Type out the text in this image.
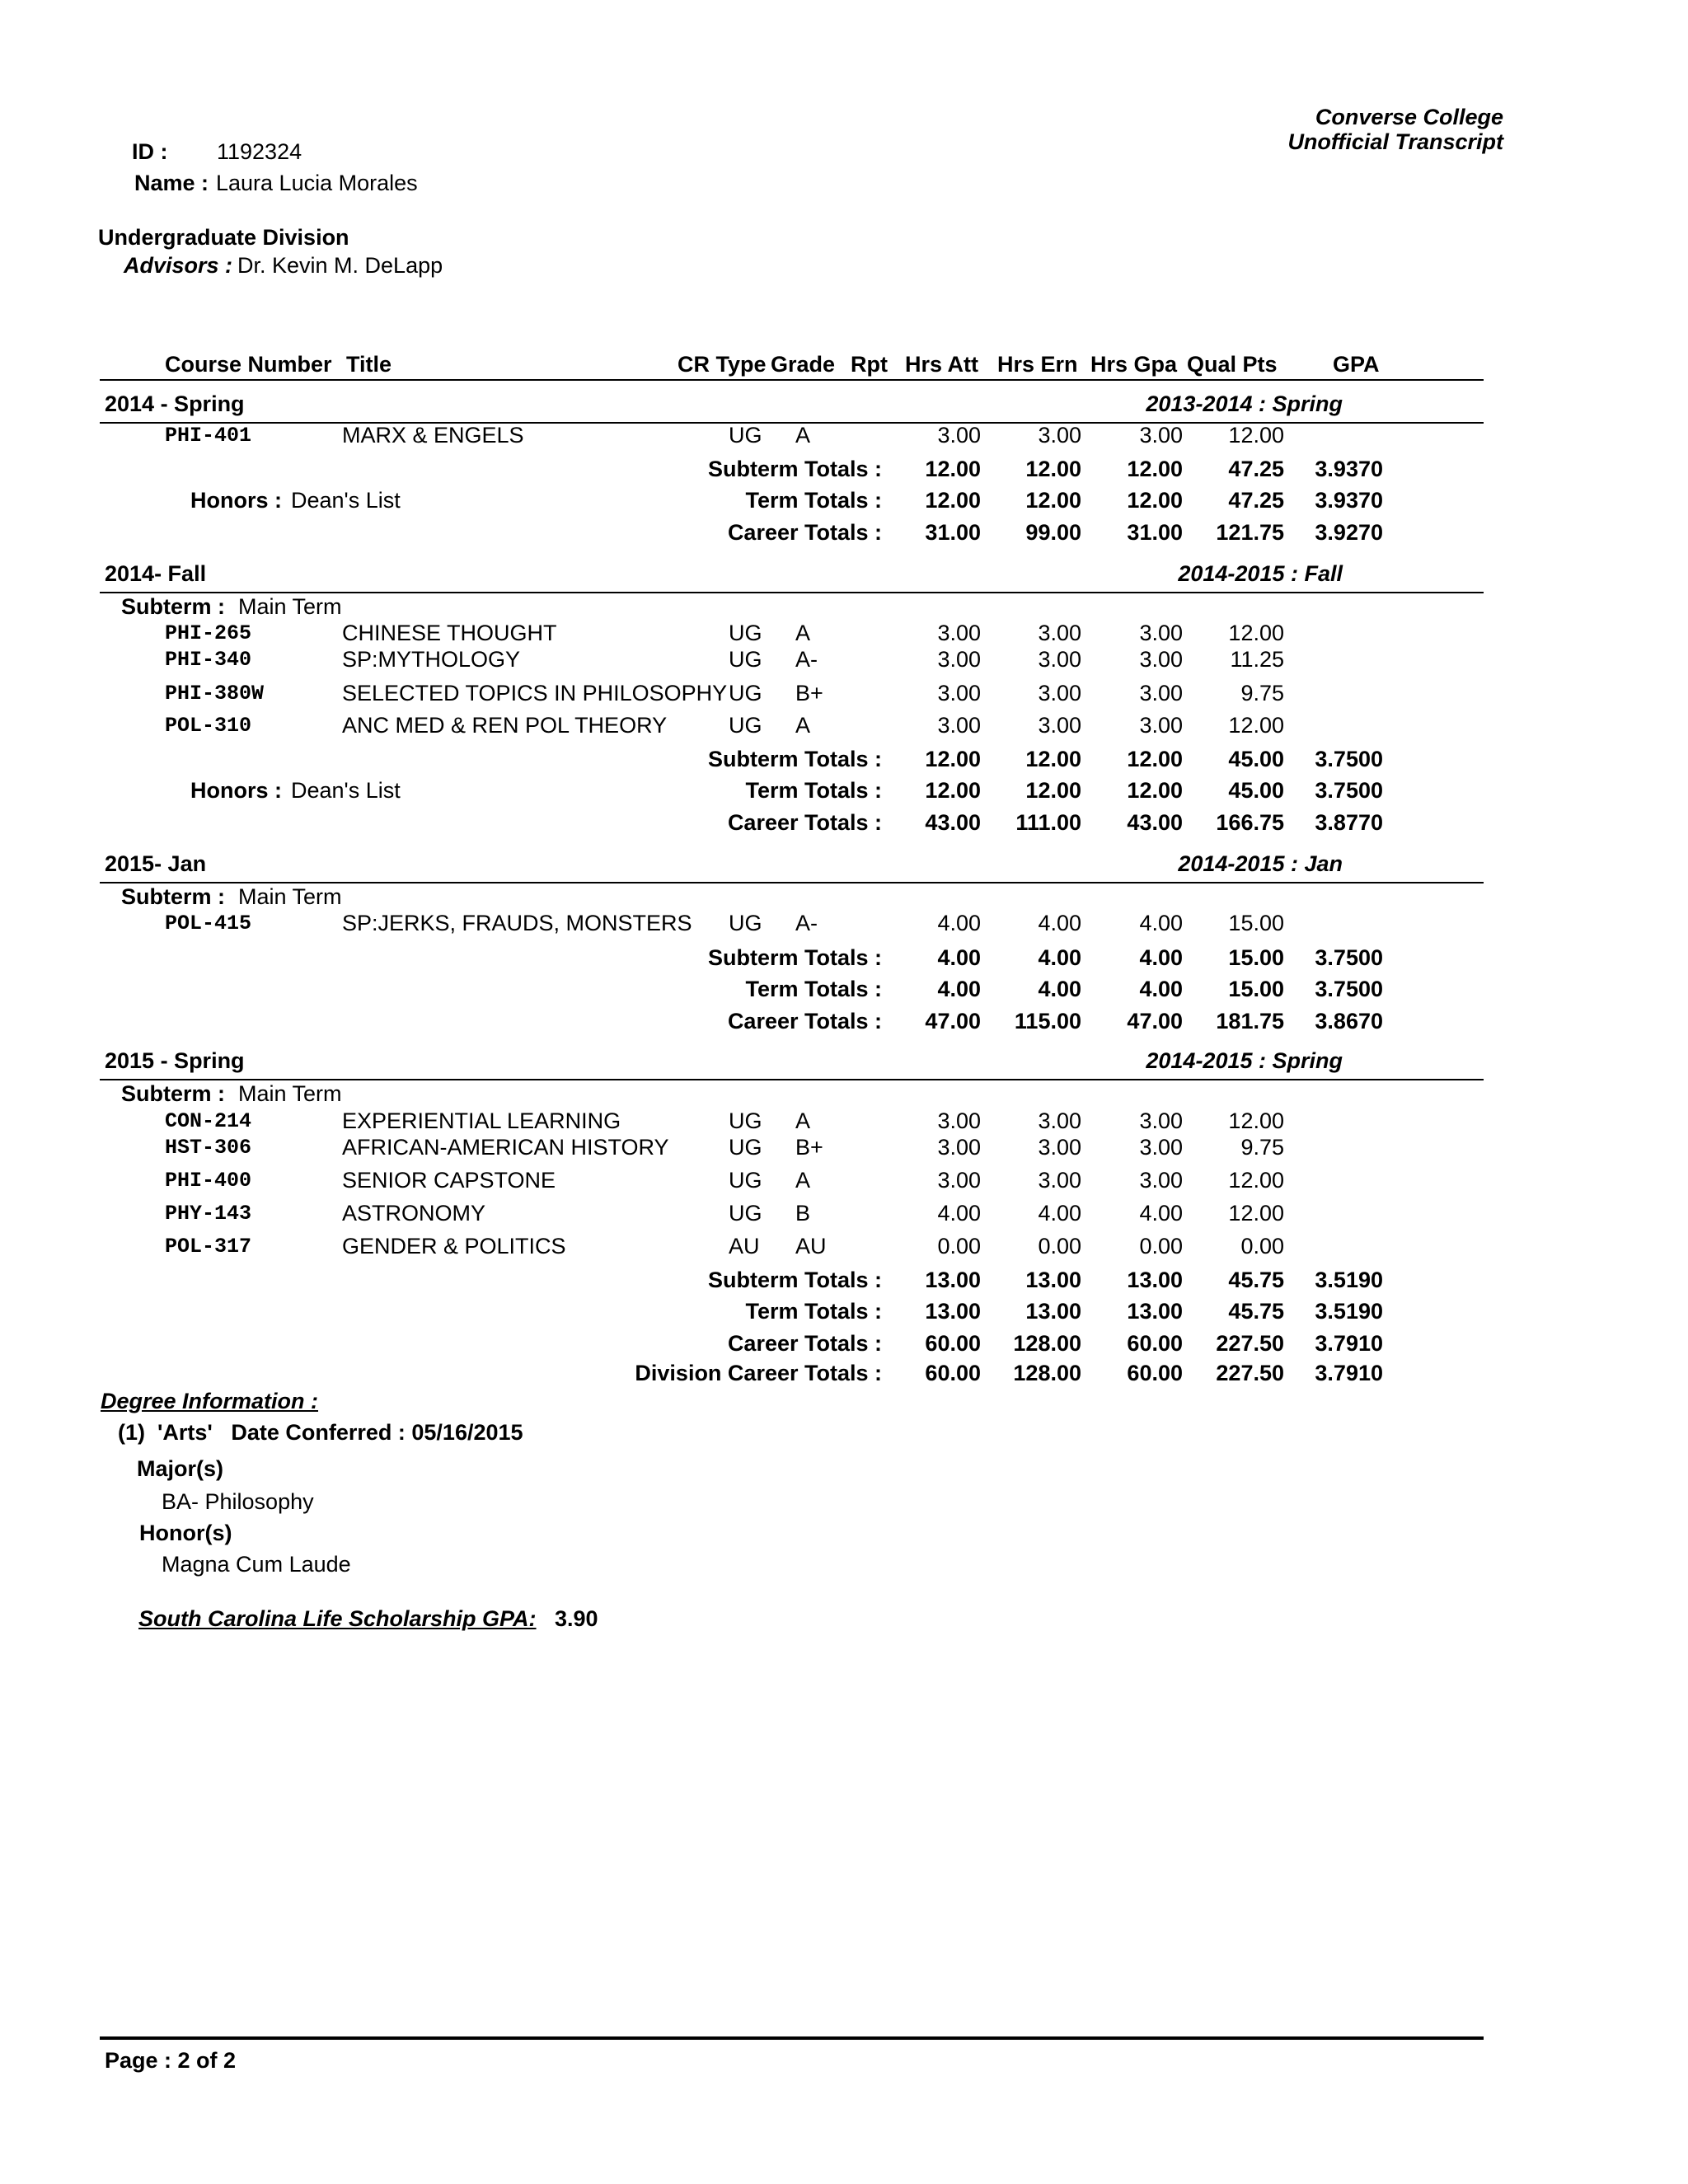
Converse College
Unofficial Transcript
ID : 1192324
Name : Laura Lucia Morales
Undergraduate Division
Advisors : Dr. Kevin M. DeLapp
Course Number Title	CR Type Grade Rpt Hrs Att Hrs Ern Hrs Gpa Qual Pts GPA
2014 - Spring	2013-2014 : Spring
PHI-401	MARX & ENGELS	UG A	3.00	3.00	3.00 12.00
Honors : Dean's List
Subterm Totals : 12.00 12.00 12.00 47.25 3.9370
Term Totals : 12.00 12.00 12.00 47.25 3.9370
Career Totals : 31.00 99.00 31.00 121.75 3.9270
2014- Fall	2014-2015 : Fall
Subterm : Main Term
PHI-265	CHINESE THOUGHT	UG A	3.00	3.00	3.00 12.00
PHI-340	SP:MYTHOLOGY	UG A-	3.00	3.00	3.00 11.25
PHI-380W	SELECTED TOPICS IN PHILOSOPHY UG B+	3.00	3.00	3.00	9.75
POL-310	ANC MED & REN POL THEORY	UG A	3.00	3.00	3.00 12.00
Honors : Dean's List
Subterm Totals : 12.00 12.00 12.00 45.00 3.7500
Term Totals : 12.00 12.00 12.00 45.00 3.7500
Career Totals : 43.00 111.00 43.00 166.75 3.8770
2015- Jan	2014-2015 : Jan
Subterm : Main Term
POL-415	SP:JERKS, FRAUDS, MONSTERS UG A-	4.00	4.00	4.00 15.00
Subterm Totals : 4.00	4.00	4.00 15.00 3.7500
Term Totals : 4.00	4.00	4.00 15.00 3.7500
Career Totals : 47.00 115.00 47.00 181.75 3.8670
2015 - Spring	2014-2015 : Spring
Subterm : Main Term
CON-214	EXPERIENTIAL LEARNING	UG A	3.00	3.00	3.00 12.00
HST-306	AFRICAN-AMERICAN HISTORY	UG B+	3.00	3.00	3.00	9.75
PHI-400	SENIOR CAPSTONE	UG A	3.00	3.00	3.00 12.00
PHY-143	ASTRONOMY	UG B	4.00	4.00	4.00 12.00
POL-317	GENDER & POLITICS	AU AU	0.00	0.00	0.00	0.00
Subterm Totals : 13.00 13.00 13.00 45.75 3.5190
Term Totals : 13.00 13.00 13.00 45.75 3.5190
Career Totals : 60.00 128.00 60.00 227.50 3.7910
Division Career Totals : 60.00 128.00 60.00 227.50 3.7910
Degree Information :
(1)  'Arts'   Date Conferred : 05/16/2015
Major(s)
BA- Philosophy
Honor(s)
Magna Cum Laude
South Carolina Life Scholarship GPA: 3.90
Page : 2 of 2
